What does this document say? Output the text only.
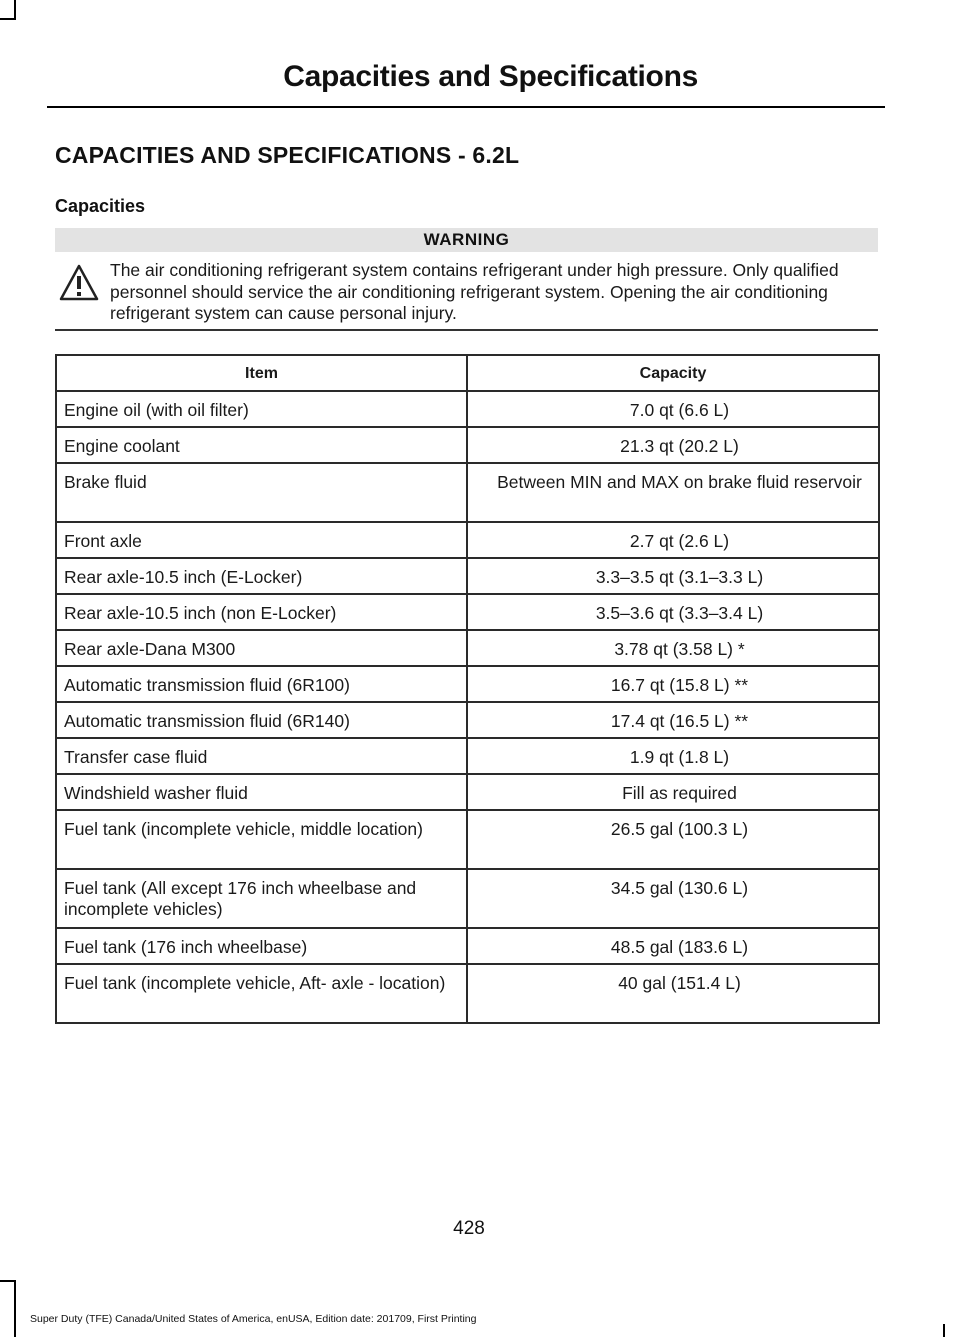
Capacities and Specifications
CAPACITIES AND SPECIFICATIONS - 6.2L
Capacities
WARNING
The air conditioning refrigerant system contains refrigerant under high pressure. Only qualified personnel should service the air conditioning refrigerant system. Opening the air conditioning refrigerant system can cause personal injury.
Item	Capacity
Engine oil (with oil filter)	7.0 qt (6.6 L)
Engine coolant	21.3 qt (20.2 L)
Brake fluid	Between MIN and MAX on brake fluid reservoir
Front axle	2.7 qt (2.6 L)
Rear axle-10.5 inch (E-Locker)	3.3–3.5 qt (3.1–3.3 L)
Rear axle-10.5 inch (non E-Locker)	3.5–3.6 qt (3.3–3.4 L)
Rear axle-Dana M300	3.78 qt (3.58 L) *
Automatic transmission fluid (6R100)	16.7 qt (15.8 L) **
Automatic transmission fluid (6R140)	17.4 qt (16.5 L) **
Transfer case fluid	1.9 qt (1.8 L)
Windshield washer fluid	Fill as required
Fuel tank (incomplete vehicle, middle location)	26.5 gal (100.3 L)
Fuel tank (All except 176 inch wheelbase and incomplete vehicles)	34.5 gal (130.6 L)
Fuel tank (176 inch wheelbase)	48.5 gal (183.6 L)
Fuel tank (incomplete vehicle, Aft- axle - location)	40 gal (151.4 L)
428
Super Duty (TFE) Canada/United States of America, enUSA, Edition date: 201709, First Printing
